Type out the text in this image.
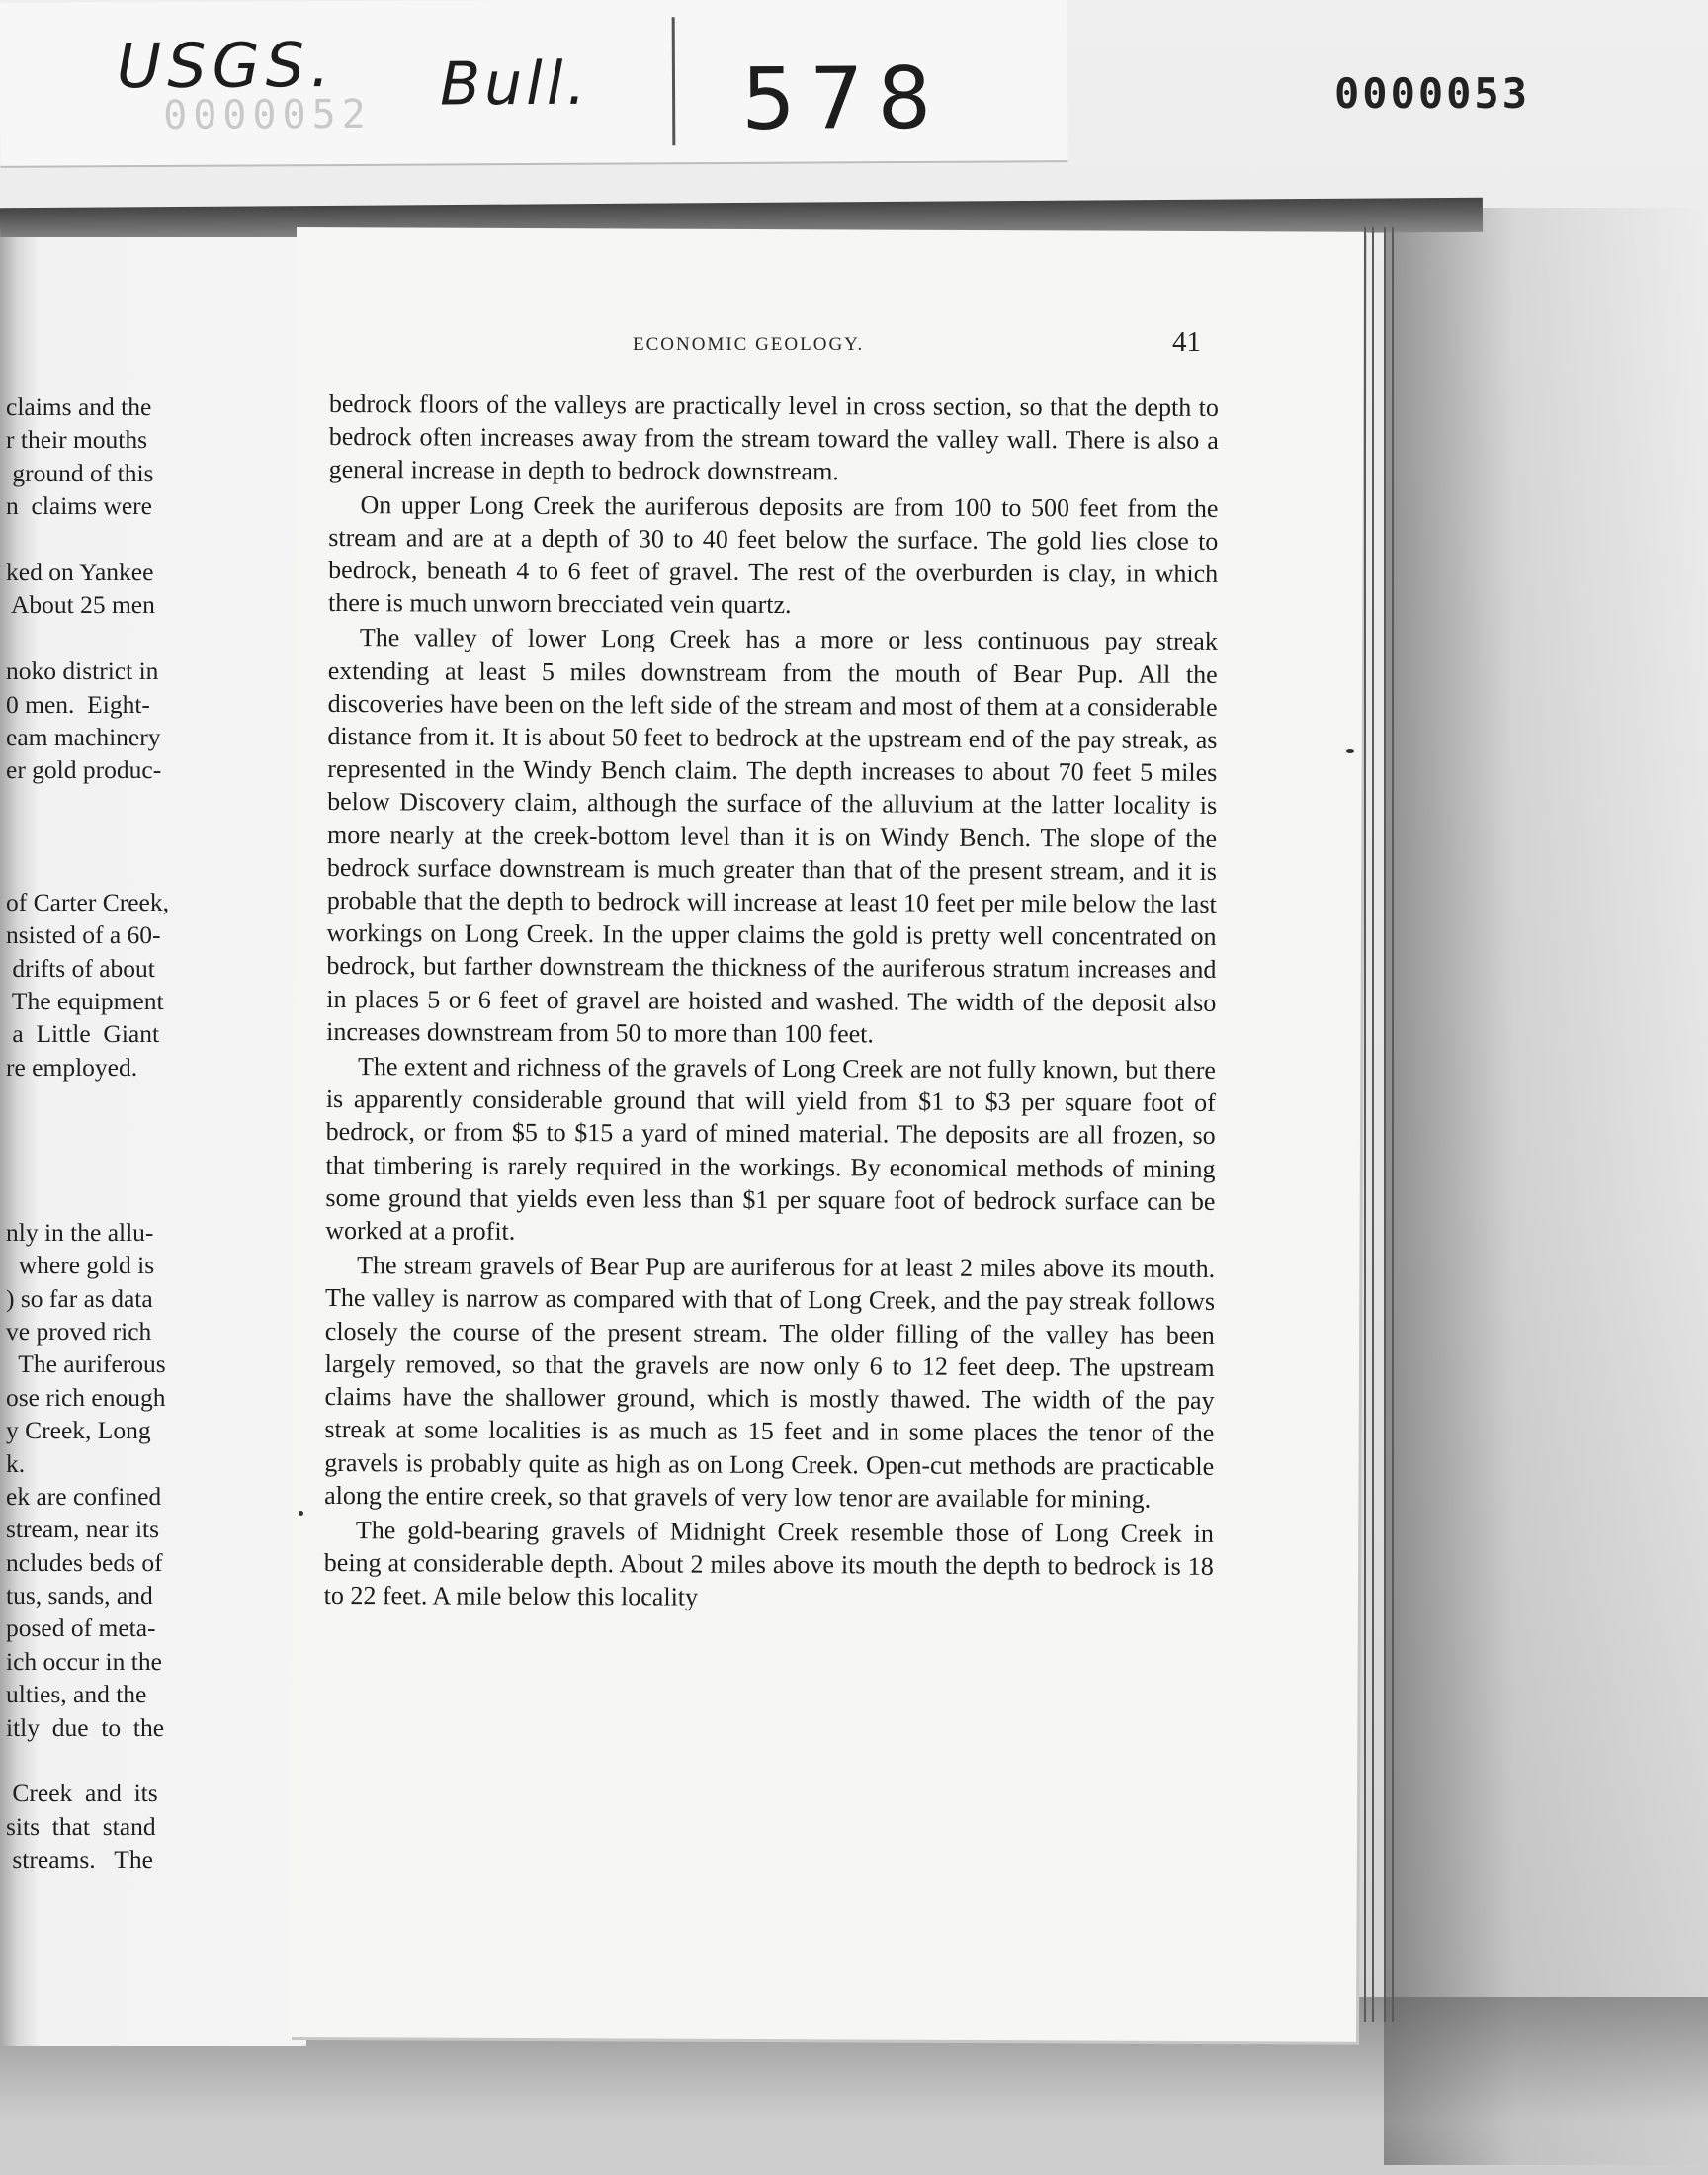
USGS.
0000052 Bull. 578	0000053
claims and the
r their mouths
ground of this
n  claims were
ked on Yankee
About 25 men
noko district in
0 men.  Eight-
eam machinery
er gold produc-
of Carter Creek,
nsisted of a 60-
drifts of about
The equipment
a  Little  Giant
re employed.
nly in the allu-
where gold is
) so far as data
ve proved rich
The auriferous
ose rich enough
y Creek, Long
k.
ek are confined
stream, near its
ncludes beds of
tus, sands, and
posed of meta-
ich occur in the
ulties, and the
itly  due  to  the
Creek  and  its
sits  that  stand
streams.   The
ECONOMIC GEOLOGY.	41

bedrock floors of the valleys are practically level in cross section, so that the depth to bedrock often increases away from the stream toward the valley wall. There is also a general increase in depth to bedrock downstream.

On upper Long Creek the auriferous deposits are from 100 to 500 feet from the stream and are at a depth of 30 to 40 feet below the surface. The gold lies close to bedrock, beneath 4 to 6 feet of gravel. The rest of the overburden is clay, in which there is much unworn brecciated vein quartz.

The valley of lower Long Creek has a more or less continuous pay streak extending at least 5 miles downstream from the mouth of Bear Pup. All the discoveries have been on the left side of the stream and most of them at a considerable distance from it. It is about 50 feet to bedrock at the upstream end of the pay streak, as represented in the Windy Bench claim. The depth increases to about 70 feet 5 miles below Discovery claim, although the surface of the alluvium at the latter locality is more nearly at the creek-bottom level than it is on Windy Bench. The slope of the bedrock surface downstream is much greater than that of the present stream, and it is probable that the depth to bedrock will increase at least 10 feet per mile below the last workings on Long Creek. In the upper claims the gold is pretty well concentrated on bedrock, but farther downstream the thickness of the auriferous stratum increases and in places 5 or 6 feet of gravel are hoisted and washed. The width of the deposit also increases downstream from 50 to more than 100 feet.

The extent and richness of the gravels of Long Creek are not fully known, but there is apparently considerable ground that will yield from $1 to $3 per square foot of bedrock, or from $5 to $15 a yard of mined material. The deposits are all frozen, so that timbering is rarely required in the workings. By economical methods of mining some ground that yields even less than $1 per square foot of bedrock surface can be worked at a profit.

The stream gravels of Bear Pup are auriferous for at least 2 miles above its mouth. The valley is narrow as compared with that of Long Creek, and the pay streak follows closely the course of the present stream. The older filling of the valley has been largely removed, so that the gravels are now only 6 to 12 feet deep. The upstream claims have the shallower ground, which is mostly thawed. The width of the pay streak at some localities is as much as 15 feet and in some places the tenor of the gravels is probably quite as high as on Long Creek. Open-cut methods are practicable along the entire creek, so that gravels of very low tenor are available for mining.

The gold-bearing gravels of Midnight Creek resemble those of Long Creek in being at considerable depth. About 2 miles above its mouth the depth to bedrock is 18 to 22 feet. A mile below this locality
